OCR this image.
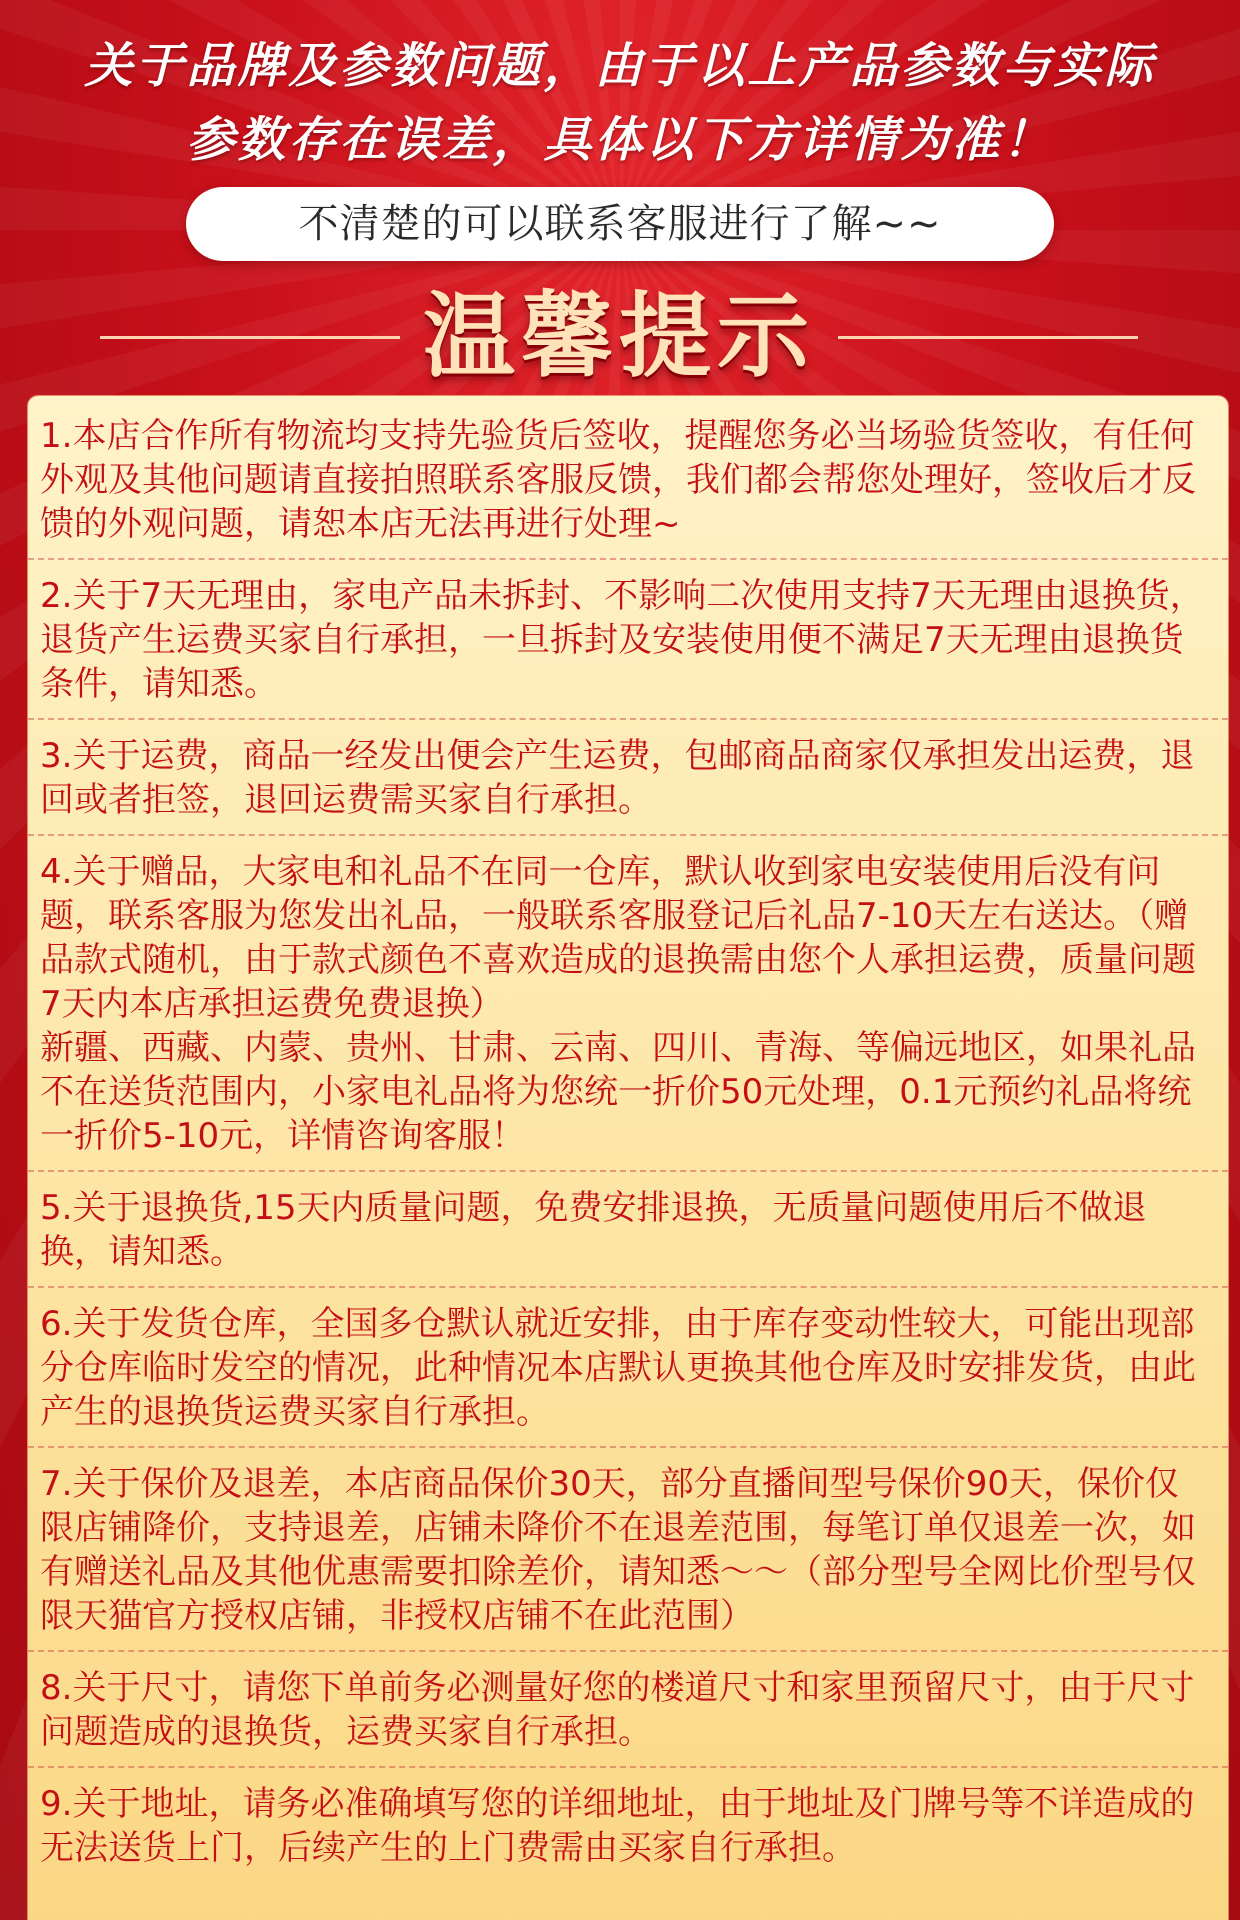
关于品牌及参数问题，由于以上产品参数与实际
参数存在误差，具体以下方详情为准！
不清楚的可以联系客服进行了解~~
温馨提示
1.本店合作所有物流均支持先验货后签收，提醒您务必当场验货签收，有任何外观及其他问题请直接拍照联系客服反馈，我们都会帮您处理好，签收后才反馈的外观问题，请恕本店无法再进行处理~
2.关于7天无理由，家电产品未拆封、不影响二次使用支持7天无理由退换货，退货产生运费买家自行承担，一旦拆封及安装使用便不满足7天无理由退换货条件，请知悉。
3.关于运费，商品一经发出便会产生运费，包邮商品商家仅承担发出运费，退回或者拒签，退回运费需买家自行承担。
4.关于赠品，大家电和礼品不在同一仓库，默认收到家电安装使用后没有问题，联系客服为您发出礼品，一般联系客服登记后礼品7-10天左右送达。（赠品款式随机，由于款式颜色不喜欢造成的退换需由您个人承担运费，质量问题7天内本店承担运费免费退换）
新疆、西藏、内蒙、贵州、甘肃、云南、四川、青海、等偏远地区，如果礼品不在送货范围内，小家电礼品将为您统一折价50元处理，0.1元预约礼品将统一折价5-10元，详情咨询客服！
5.关于退换货,15天内质量问题，免费安排退换，无质量问题使用后不做退换，请知悉。
6.关于发货仓库，全国多仓默认就近安排，由于库存变动性较大，可能出现部分仓库临时发空的情况，此种情况本店默认更换其他仓库及时安排发货，由此产生的退换货运费买家自行承担。
7.关于保价及退差，本店商品保价30天，部分直播间型号保价90天，保价仅限店铺降价，支持退差，店铺未降价不在退差范围，每笔订单仅退差一次，如有赠送礼品及其他优惠需要扣除差价，请知悉～～（部分型号全网比价型号仅限天猫官方授权店铺，非授权店铺不在此范围）
8.关于尺寸，请您下单前务必测量好您的楼道尺寸和家里预留尺寸，由于尺寸问题造成的退换货，运费买家自行承担。
9.关于地址，请务必准确填写您的详细地址，由于地址及门牌号等不详造成的无法送货上门，后续产生的上门费需由买家自行承担。
